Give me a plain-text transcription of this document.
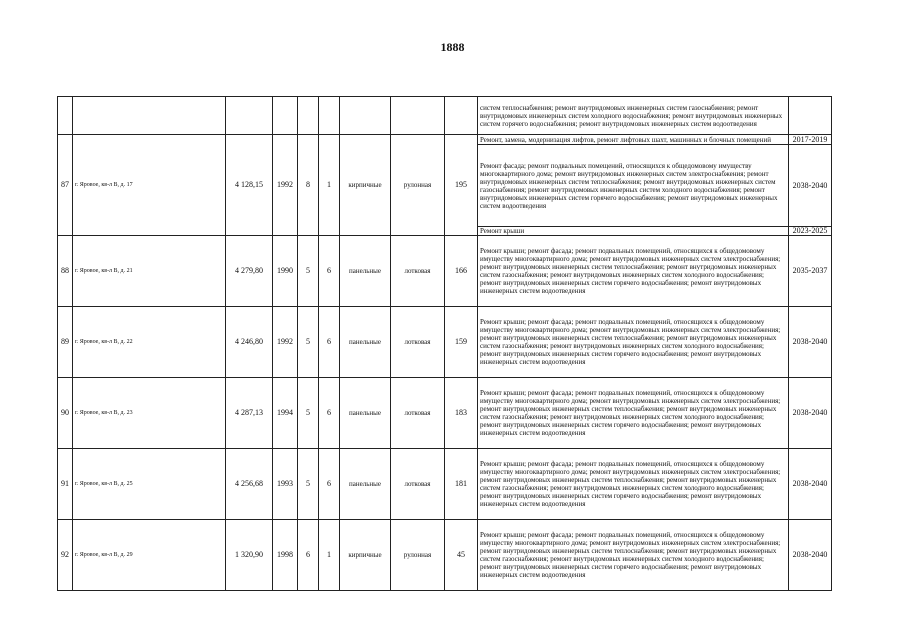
1888

									систем теплоснабжения; ремонт внутридомовых инженерных систем газоснабжения; ремонт внутридомовых инженерных систем холодного водоснабжения; ремонт внутридомовых инженерных систем горячего водоснабжения; ремонт внутридомовых инженерных систем водоотведения	

87	г. Яровое, кв-л В, д. 17	4 128,15	1992	8	1	кирпичные	рулонная	195	Ремонт, замена, модернизация лифтов, ремонт лифтовых шахт, машинных и блочных помещений	2017-2019

									Ремонт фасада; ремонт подвальных помещений, относящихся к общедомовому имуществу многоквартирного дома; ремонт внутридомовых инженерных систем электроснабжения; ремонт внутридомовых инженерных систем теплоснабжения; ремонт внутридомовых инженерных систем газоснабжения; ремонт внутридомовых инженерных систем холодного водоснабжения; ремонт внутридомовых инженерных систем горячего водоснабжения; ремонт внутридомовых инженерных систем водоотведения	2038-2040

									Ремонт крыши	2023-2025
88	г. Яровое, кв-л В, д. 21	4 279,80	1990	5	6	панельные	лотковая	166	Ремонт крыши; ремонт фасада; ремонт подвальных помещений, относящихся к общедомовому имуществу многоквартирного дома; ремонт внутридомовых инженерных систем электроснабжения; ремонт внутридомовых инженерных систем теплоснабжения; ремонт внутридомовых инженерных систем газоснабжения; ремонт внутридомовых инженерных систем холодного водоснабжения; ремонт внутридомовых инженерных систем горячего водоснабжения; ремонт внутридомовых инженерных систем водоотведения	2035-2037
89	г. Яровое, кв-л В, д. 22	4 246,80	1992	5	6	панельные	лотковая	159	Ремонт крыши; ремонт фасада; ремонт подвальных помещений, относящихся к общедомовому имуществу многоквартирного дома; ремонт внутридомовых инженерных систем электроснабжения; ремонт внутридомовых инженерных систем теплоснабжения; ремонт внутридомовых инженерных систем газоснабжения; ремонт внутридомовых инженерных систем холодного водоснабжения; ремонт внутридомовых инженерных систем горячего водоснабжения; ремонт внутридомовых инженерных систем водоотведения	2038-2040
90	г. Яровое, кв-л В, д. 23	4 287,13	1994	5	6	панельные	лотковая	183	Ремонт крыши; ремонт фасада; ремонт подвальных помещений, относящихся к общедомовому имуществу многоквартирного дома; ремонт внутридомовых инженерных систем электроснабжения; ремонт внутридомовых инженерных систем теплоснабжения; ремонт внутридомовых инженерных систем газоснабжения; ремонт внутридомовых инженерных систем холодного водоснабжения; ремонт внутридомовых инженерных систем горячего водоснабжения; ремонт внутридомовых инженерных систем водоотведения	2038-2040
91	г. Яровое, кв-л В, д. 25	4 256,68	1993	5	6	панельные	лотковая	181	Ремонт крыши; ремонт фасада; ремонт подвальных помещений, относящихся к общедомовому имуществу многоквартирного дома; ремонт внутридомовых инженерных систем электроснабжения; ремонт внутридомовых инженерных систем теплоснабжения; ремонт внутридомовых инженерных систем газоснабжения; ремонт внутридомовых инженерных систем холодного водоснабжения; ремонт внутридомовых инженерных систем горячего водоснабжения; ремонт внутридомовых инженерных систем водоотведения	2038-2040
92	г. Яровое, кв-л В, д. 29	1 320,90	1998	6	1	кирпичные	рулонная	45	Ремонт крыши; ремонт фасада; ремонт подвальных помещений, относящихся к общедомовому имуществу многоквартирного дома; ремонт внутридомовых инженерных систем электроснабжения; ремонт внутридомовых инженерных систем теплоснабжения; ремонт внутридомовых инженерных систем газоснабжения; ремонт внутридомовых инженерных систем холодного водоснабжения; ремонт внутридомовых инженерных систем горячего водоснабжения; ремонт внутридомовых инженерных систем водоотведения	2038-2040
